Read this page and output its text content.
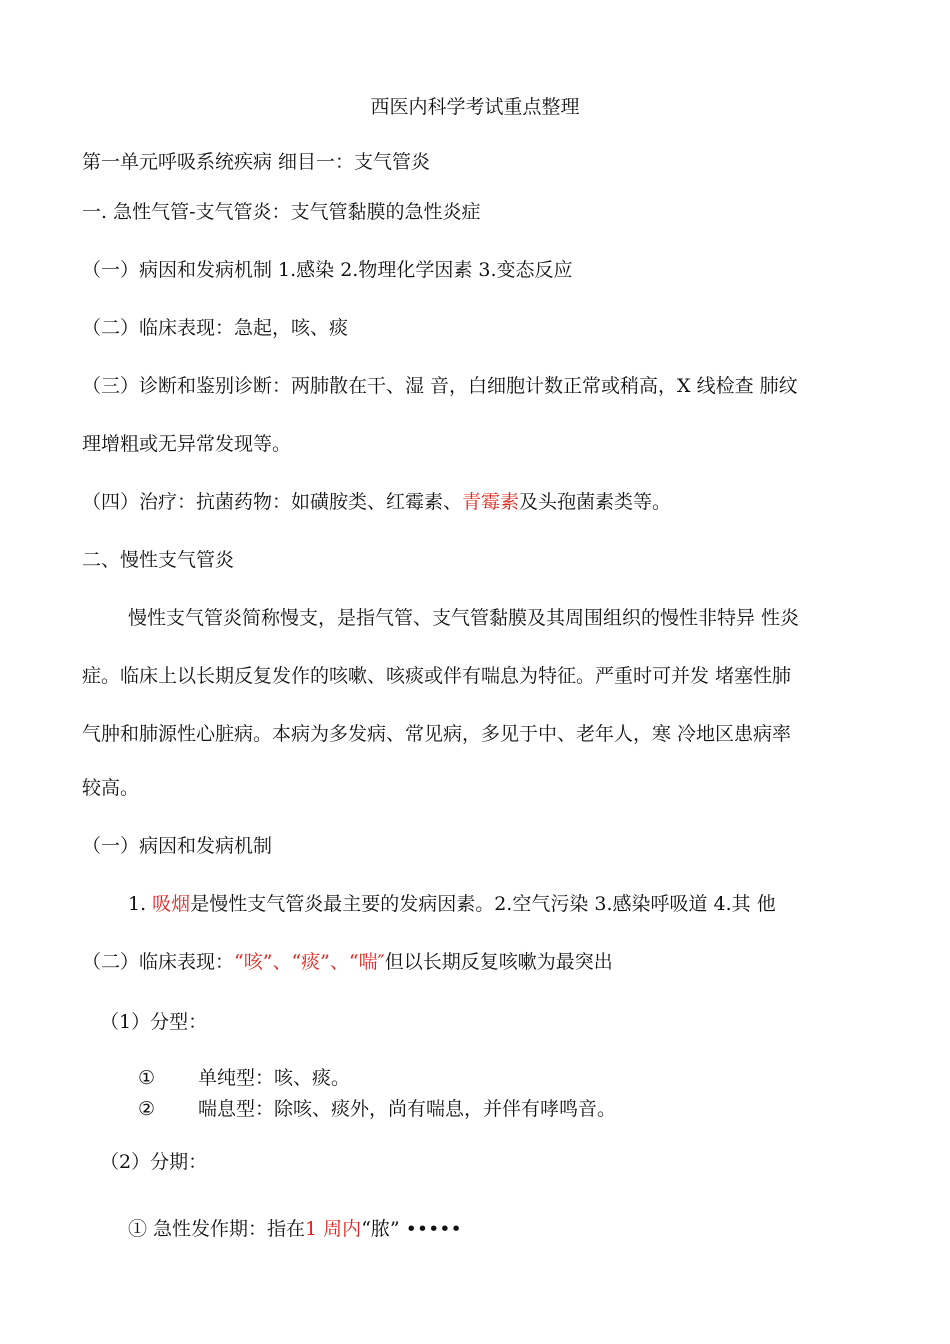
西医内科学考试重点整理
第一单元呼吸系统疾病 细目一：支气管炎
一. 急性气管-支气管炎：支气管黏膜的急性炎症
（一）病因和发病机制 1.感染 2.物理化学因素 3.变态反应
（二）临床表现：急起，咳、痰
（三）诊断和鉴别诊断：两肺散在干、湿 音，白细胞计数正常或稍高，X 线检查 肺纹
理增粗或无异常发现等。
（四）治疗：抗菌药物：如磺胺类、红霉素、青霉素及头孢菌素类等。
二、慢性支气管炎
慢性支气管炎简称慢支，是指气管、支气管黏膜及其周围组织的慢性非特异 性炎
症。临床上以长期反复发作的咳嗽、咳痰或伴有喘息为特征。严重时可并发 堵塞性肺
气肿和肺源性心脏病。本病为多发病、常见病，多见于中、老年人，寒 冷地区患病率
较高。
（一）病因和发病机制
1. 吸烟是慢性支气管炎最主要的发病因素。2.空气污染 3.感染呼吸道 4.其 他
（二）临床表现：“咳”、“痰”、“喘″但以长期反复咳嗽为最突出
（1）分型：
① 单纯型：咳、痰。
② 喘息型：除咳、痰外，尚有喘息，并伴有哮鸣音。
（2）分期：
① 急性发作期：指在1 周内“脓” •••••
